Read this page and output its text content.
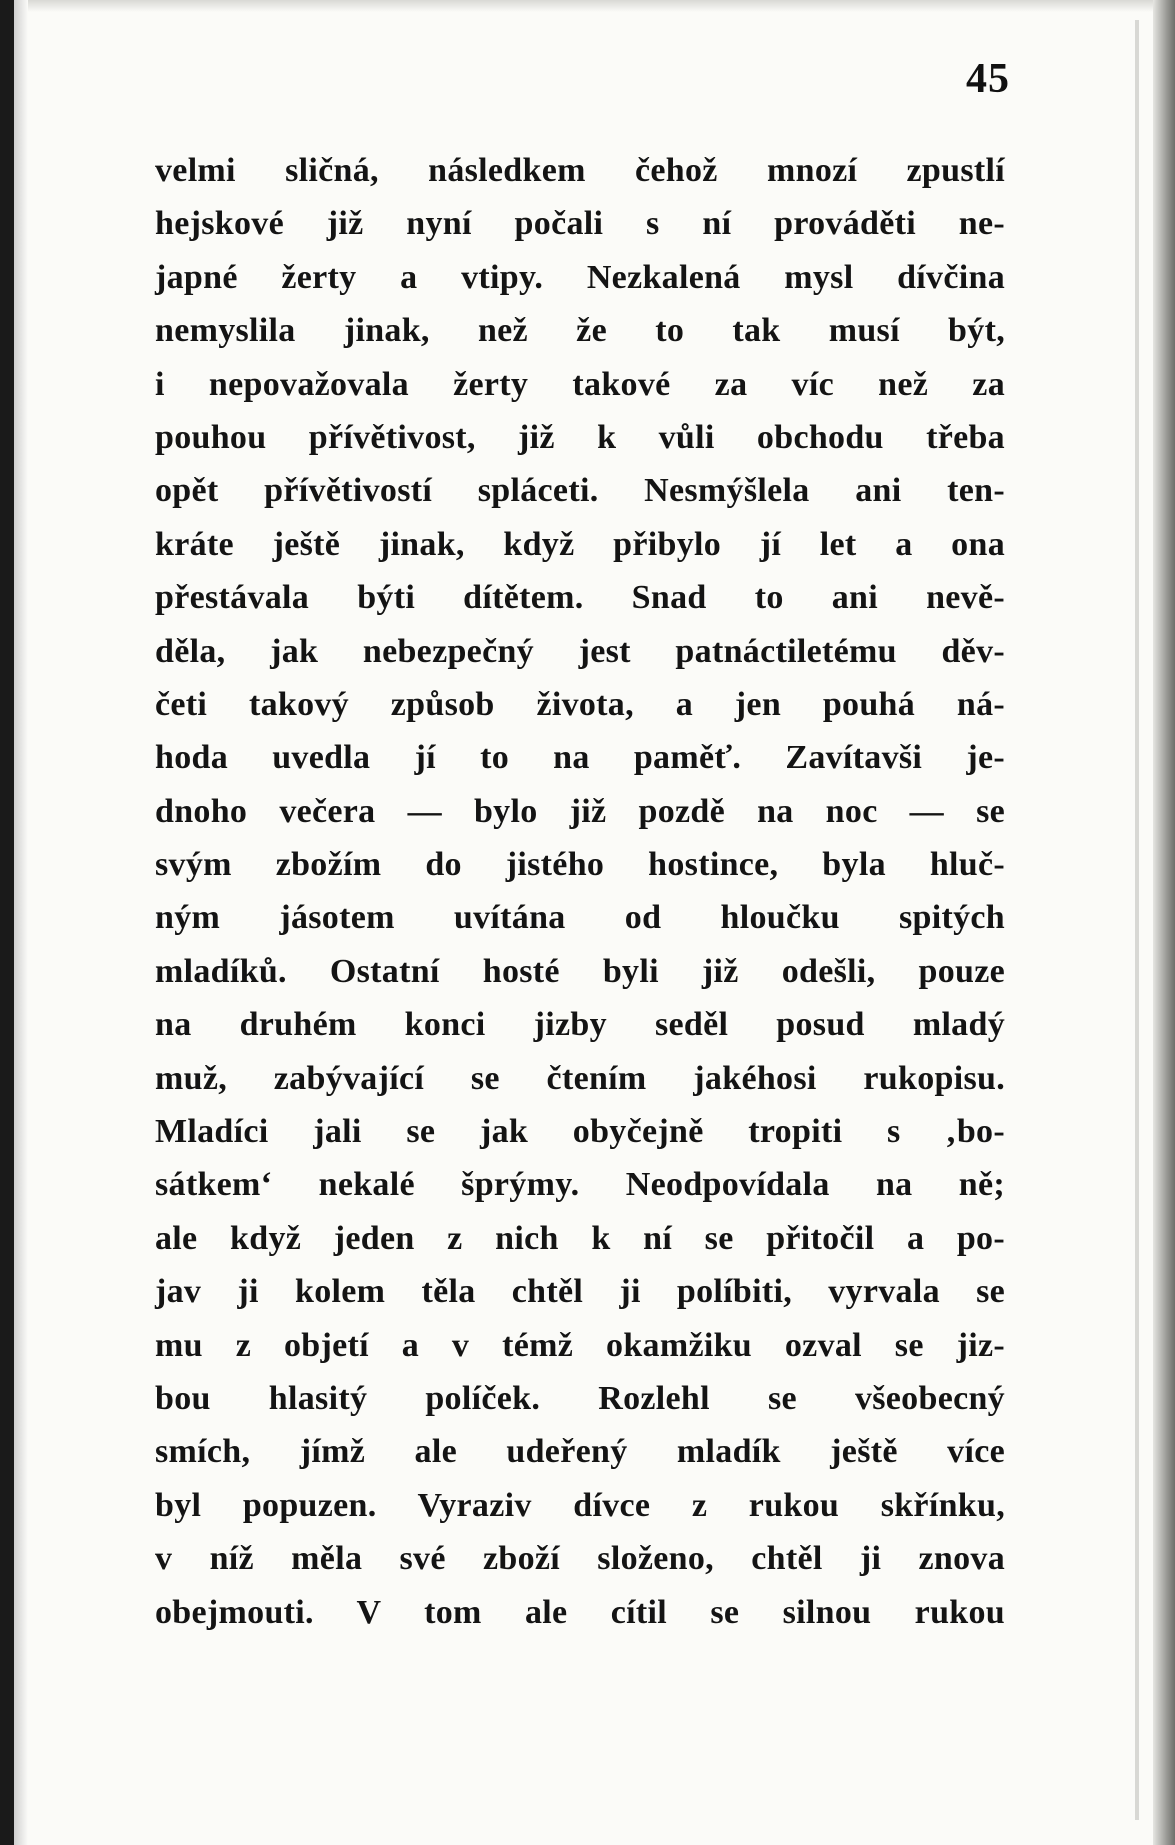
45
velmi sličná, následkem čehož mnozí zpustlí
hejskové již nyní počali s ní prováděti ne-
japné žerty a vtipy. Nezkalená mysl dívčina
nemyslila jinak, než že to tak musí být,
i nepovažovala žerty takové za víc než za
pouhou přívětivost, již k vůli obchodu třeba
opět přívětivostí spláceti. Nesmýšlela ani ten-
kráte ještě jinak, když přibylo jí let a ona
přestávala býti dítětem. Snad to ani nevě-
děla, jak nebezpečný jest patnáctiletému děv-
četi takový způsob života, a jen pouhá ná-
hoda uvedla jí to na paměť. Zavítavši je-
dnoho večera — bylo již pozdě na noc — se
svým zbožím do jistého hostince, byla hluč-
ným jásotem uvítána od hloučku spitých
mladíků. Ostatní hosté byli již odešli, pouze
na druhém konci jizby seděl posud mladý
muž, zabývající se čtením jakéhosi rukopisu.
Mladíci jali se jak obyčejně tropiti s ‚bo-
sátkem‘ nekalé šprýmy. Neodpovídala na ně;
ale když jeden z nich k ní se přitočil a po-
jav ji kolem těla chtěl ji políbiti, vyrvala se
mu z objetí a v témž okamžiku ozval se jiz-
bou hlasitý políček. Rozlehl se všeobecný
smích, jímž ale udeřený mladík ještě více
byl popuzen. Vyraziv dívce z rukou skřínku,
v níž měla své zboží složeno, chtěl ji znova
obejmouti. V tom ale cítil se silnou rukou
